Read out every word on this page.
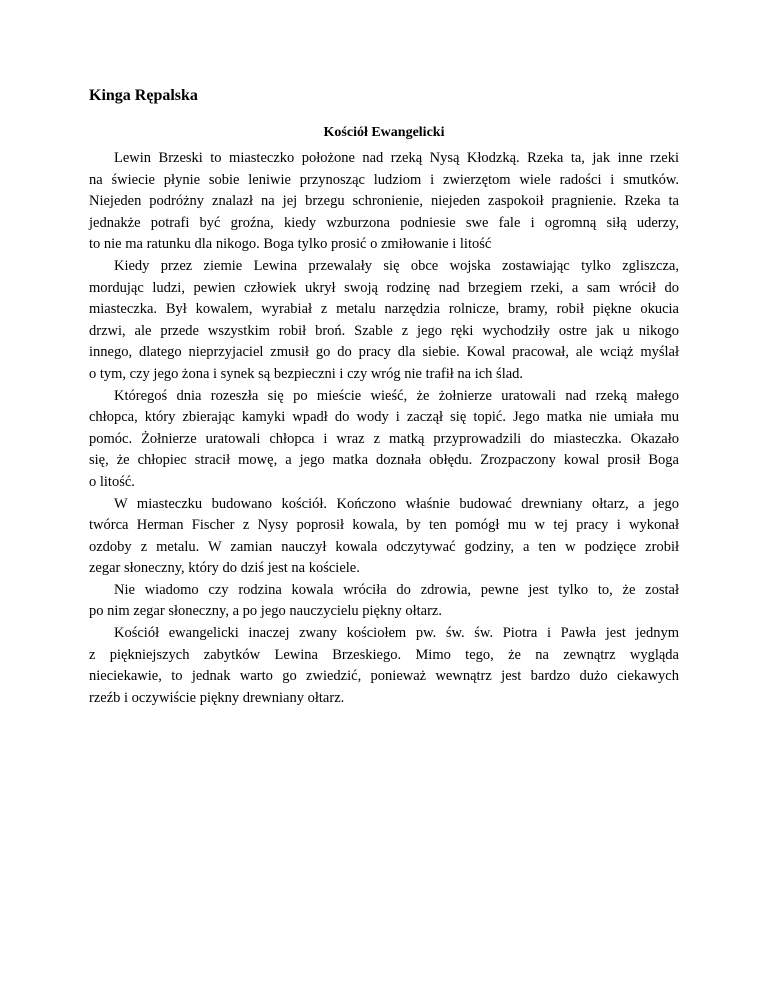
Kinga Rępalska
Kościół Ewangelicki
Lewin Brzeski to miasteczko położone nad rzeką Nysą Kłodzką. Rzeka ta, jak inne rzeki
na świecie płynie sobie leniwie przynosząc ludziom i zwierzętom wiele radości i smutków.
Niejeden podróżny znalazł na jej brzegu schronienie, niejeden zaspokoił pragnienie. Rzeka ta
jednakże potrafi być groźna, kiedy wzburzona podniesie swe fale i ogromną siłą uderzy,
to nie ma ratunku dla nikogo. Boga tylko prosić o zmiłowanie i litość
Kiedy przez ziemie Lewina przewalały się obce wojska zostawiając tylko zgliszcza,
mordując ludzi, pewien człowiek ukrył swoją rodzinę nad brzegiem rzeki, a sam wrócił do
miasteczka. Był kowalem, wyrabiał z metalu narzędzia rolnicze, bramy, robił piękne okucia
drzwi, ale przede wszystkim robił broń. Szable z jego ręki wychodziły ostre jak u nikogo
innego, dlatego nieprzyjaciel zmusił go do pracy dla siebie. Kowal pracował, ale wciąż myślał
o tym, czy jego żona i synek są bezpieczni i czy wróg nie trafił na ich ślad.
Któregoś dnia rozeszła się po mieście wieść, że żołnierze uratowali nad rzeką małego
chłopca, który zbierając kamyki wpadł do wody i zaczął się topić. Jego matka nie umiała mu
pomóc. Żołnierze uratowali chłopca i wraz z matką przyprowadzili do miasteczka. Okazało
się, że chłopiec stracił mowę, a jego matka doznała obłędu. Zrozpaczony kowal prosił Boga
o litość.
W miasteczku budowano kościół. Kończono właśnie budować drewniany ołtarz, a jego
twórca Herman Fischer z Nysy poprosił kowala, by ten pomógł mu w tej pracy i wykonał
ozdoby z metalu. W zamian nauczył kowala odczytywać godziny, a ten w podzięce zrobił
zegar słoneczny, który do dziś jest na kościele.
Nie wiadomo czy rodzina kowala wróciła do zdrowia, pewne jest tylko to, że został
po nim zegar słoneczny, a po jego nauczycielu piękny ołtarz.
Kościół ewangelicki inaczej zwany kościołem pw. św. św. Piotra i Pawła jest jednym
z piękniejszych zabytków Lewina Brzeskiego. Mimo tego, że na zewnątrz wygląda
nieciekawie, to jednak warto go zwiedzić, ponieważ wewnątrz jest bardzo dużo ciekawych
rzeźb i oczywiście piękny drewniany ołtarz.
